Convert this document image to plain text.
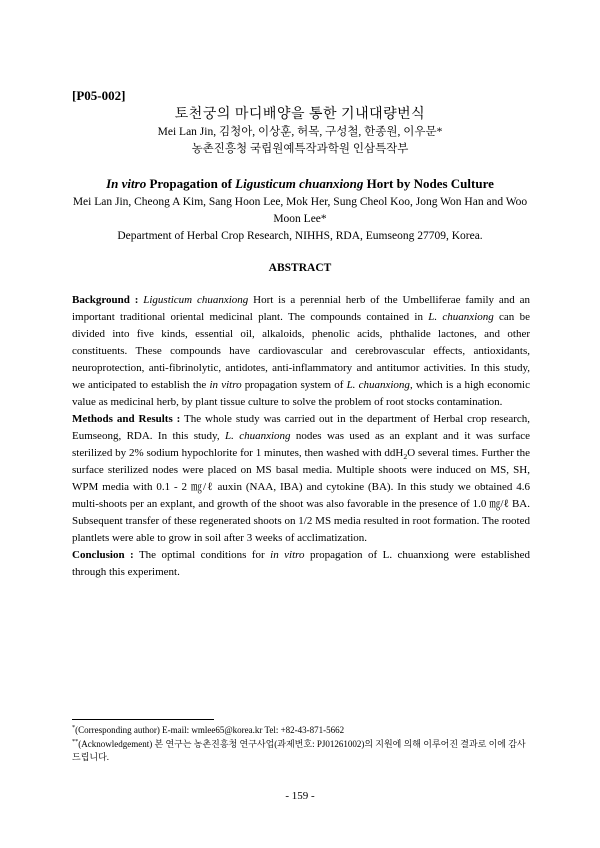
[P05-002]
토천궁의 마디배양을 통한 기내대량번식
Mei Lan Jin, 김청아, 이상훈, 허목, 구성철, 한종원, 이우문*
농촌진흥청 국립원예특작과학원 인삼특작부
In vitro Propagation of Ligusticum chuanxiong Hort by Nodes Culture
Mei Lan Jin, Cheong A Kim, Sang Hoon Lee, Mok Her, Sung Cheol Koo, Jong Won Han and Woo Moon Lee*
Department of Herbal Crop Research, NIHHS, RDA, Eumseong 27709, Korea.
ABSTRACT

Background : Ligusticum chuanxiong Hort is a perennial herb of the Umbelliferae family and an important traditional oriental medicinal plant. The compounds contained in L. chuanxiong can be divided into five kinds, essential oil, alkaloids, phenolic acids, phthalide lactones, and other constituents. These compounds have cardiovascular and cerebrovascular effects, antioxidants, neuroprotection, anti-fibrinolytic, antidotes, anti-inflammatory and antitumor activities. In this study, we anticipated to establish the in vitro propagation system of L. chuanxiong, which is a high economic value as medicinal herb, by plant tissue culture to solve the problem of root stocks contamination.

Methods and Results : The whole study was carried out in the department of Herbal crop research, Eumseong, RDA. In this study, L. chuanxiong nodes was used as an explant and it was surface sterilized by 2% sodium hypochlorite for 1 minutes, then washed with ddH$_2$O several times. Further the surface sterilized nodes were placed on MS basal media. Multiple shoots were induced on MS, SH, WPM media with 0.1 - 2 ㎎/ℓ auxin (NAA, IBA) and cytokine (BA). In this study we obtained 4.6 multi-shoots per an explant, and growth of the shoot was also favorable in the presence of 1.0 ㎎/ℓ BA. Subsequent transfer of these regenerated shoots on 1/2 MS media resulted in root formation. The rooted plantlets were able to grow in soil after 3 weeks of acclimatization.

Conclusion : The optimal conditions for in vitro propagation of L. chuanxiong were established through this experiment.

*(Corresponding author) E-mail: wmlee65@korea.kr Tel: +82-43-871-5662
**(Acknowledgement) 본 연구는 농촌진흥청 연구사업(과제번호: PJ01261002)의 지원에 의해 이루어진 결과로 이에 감사드립니다.
- 159 -
